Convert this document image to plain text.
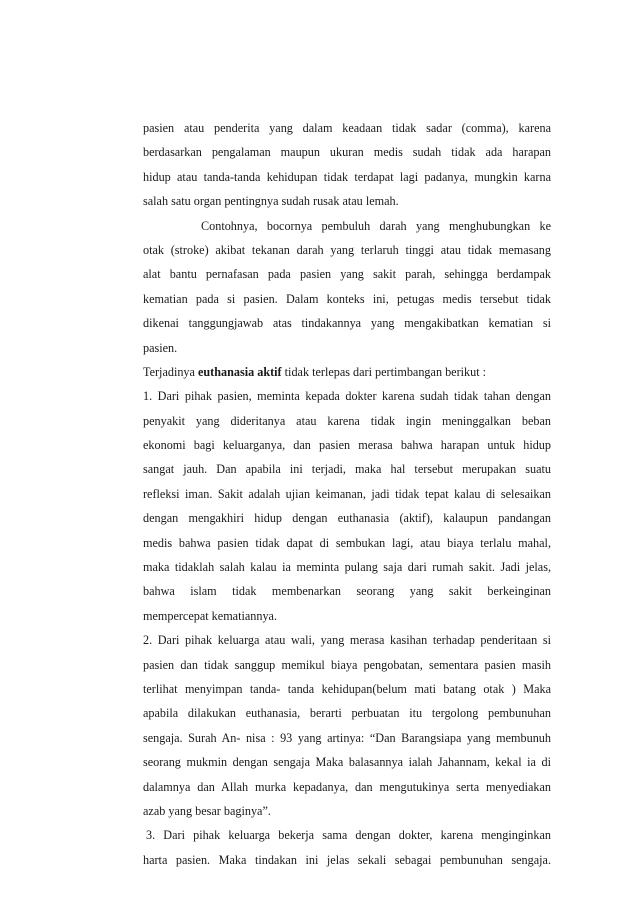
pasien atau penderita yang dalam keadaan tidak sadar (comma), karena
berdasarkan pengalaman maupun ukuran medis sudah tidak ada harapan
hidup atau tanda-tanda kehidupan tidak terdapat lagi padanya, mungkin karna
salah satu organ pentingnya sudah rusak atau lemah.
Contohnya, bocornya pembuluh darah yang menghubungkan ke
otak (stroke) akibat tekanan darah yang terlaruh tinggi atau tidak memasang
alat bantu pernafasan pada pasien yang sakit parah, sehingga berdampak
kematian pada si pasien. Dalam konteks ini, petugas medis tersebut tidak
dikenai tanggungjawab atas tindakannya yang mengakibatkan kematian si
pasien.
Terjadinya euthanasia aktif tidak terlepas dari pertimbangan berikut :
1. Dari pihak pasien, meminta kepada dokter karena sudah tidak tahan dengan
penyakit yang dideritanya atau karena tidak ingin meninggalkan beban
ekonomi bagi keluarganya, dan pasien merasa bahwa harapan untuk hidup
sangat jauh. Dan apabila ini terjadi, maka hal tersebut merupakan suatu
refleksi iman. Sakit adalah ujian keimanan, jadi tidak tepat kalau di selesaikan
dengan mengakhiri hidup dengan euthanasia (aktif), kalaupun pandangan
medis bahwa pasien tidak dapat di sembukan lagi, atau biaya terlalu mahal,
maka tidaklah salah kalau ia meminta pulang saja dari rumah sakit. Jadi jelas,
bahwa islam tidak membenarkan seorang yang sakit berkeinginan
mempercepat kematiannya.
2. Dari pihak keluarga atau wali, yang merasa kasihan terhadap penderitaan si
pasien dan tidak sanggup memikul biaya pengobatan, sementara pasien masih
terlihat menyimpan tanda- tanda kehidupan(belum mati batang otak ) Maka
apabila dilakukan euthanasia, berarti perbuatan itu tergolong pembunuhan
sengaja. Surah An- nisa : 93 yang artinya: “Dan Barangsiapa yang membunuh
seorang mukmin dengan sengaja Maka balasannya ialah Jahannam, kekal ia di
dalamnya dan Allah murka kepadanya, dan mengutukinya serta menyediakan
azab yang besar baginya”.
3. Dari pihak keluarga bekerja sama dengan dokter, karena menginginkan
harta pasien. Maka tindakan ini jelas sekali sebagai pembunuhan sengaja.
